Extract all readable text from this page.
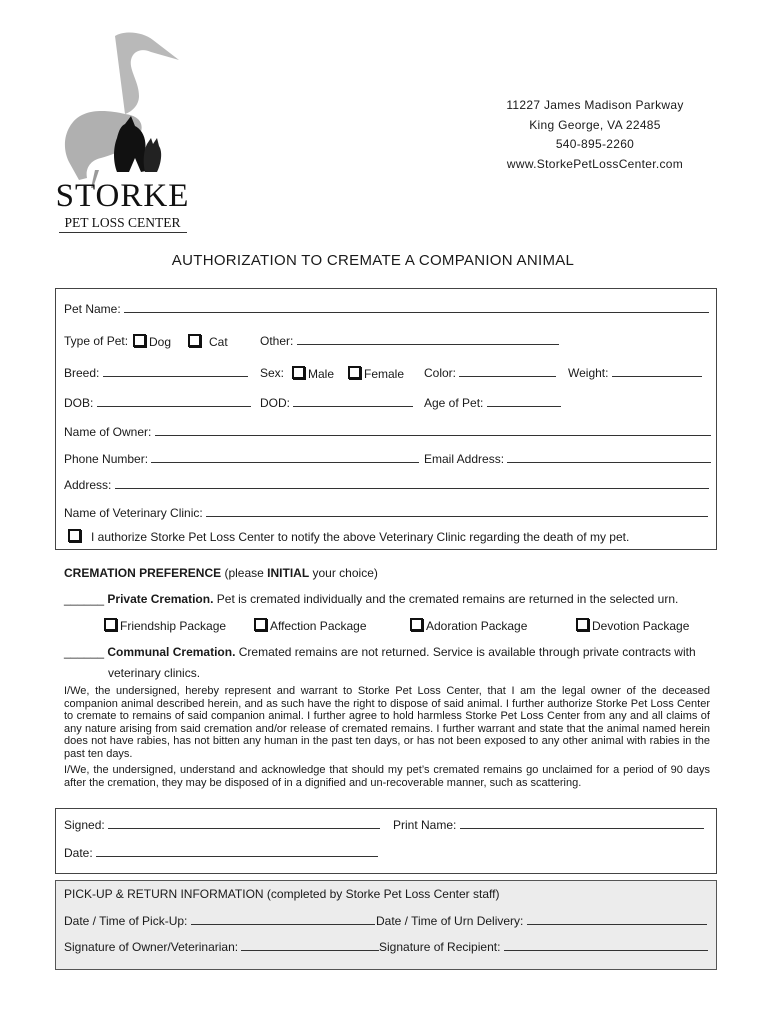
STORKE
PET LOSS CENTER
11227 James Madison Parkway
King George, VA 22485
540-895-2260
www.StorkePetLossCenter.com
AUTHORIZATION TO CREMATE A COMPANION ANIMAL
Pet Name:
Type of Pet:	Dog	Cat	Other:
Breed:	Sex:	Male	Female Color:	Weight:
DOB:	DOD:	Age of Pet:
Name of Owner:
Phone Number:	Email Address:
Address:
Name of Veterinary Clinic:
I authorize Storke Pet Loss Center to notify the above Veterinary Clinic regarding the death of my pet.
CREMATION PREFERENCE (please INITIAL your choice)
______ Private Cremation. Pet is cremated individually and the cremated remains are returned in the selected urn.
Friendship Package	Affection Package	Adoration Package	Devotion Package
______ Communal Cremation. Cremated remains are not returned. Service is available through private contracts with
veterinary clinics.
I/We, the undersigned, hereby represent and warrant to Storke Pet Loss Center, that I am the legal owner of the deceased companion animal described herein, and as such have the right to dispose of said animal. I further authorize Storke Pet Loss Center to cremate to remains of said companion animal. I further agree to hold harmless Storke Pet Loss Center from any and all claims of any nature arising from said cremation and/or release of cremated remains. I further warrant and state that the animal named herein does not have rabies, has not bitten any human in the past ten days, or has not been exposed to any other animal with rabies in the past ten days.
I/We, the undersigned, understand and acknowledge that should my pet’s cremated remains go unclaimed for a period of 90 days after the cremation, they may be disposed of in a dignified and un-recoverable manner, such as scattering.
Signed:	Print Name:
Date:
PICK-UP & RETURN INFORMATION (completed by Storke Pet Loss Center staff)
Date / Time of Pick-Up:	Date / Time of Urn Delivery:
Signature of Owner/Veterinarian:	Signature of Recipient:
